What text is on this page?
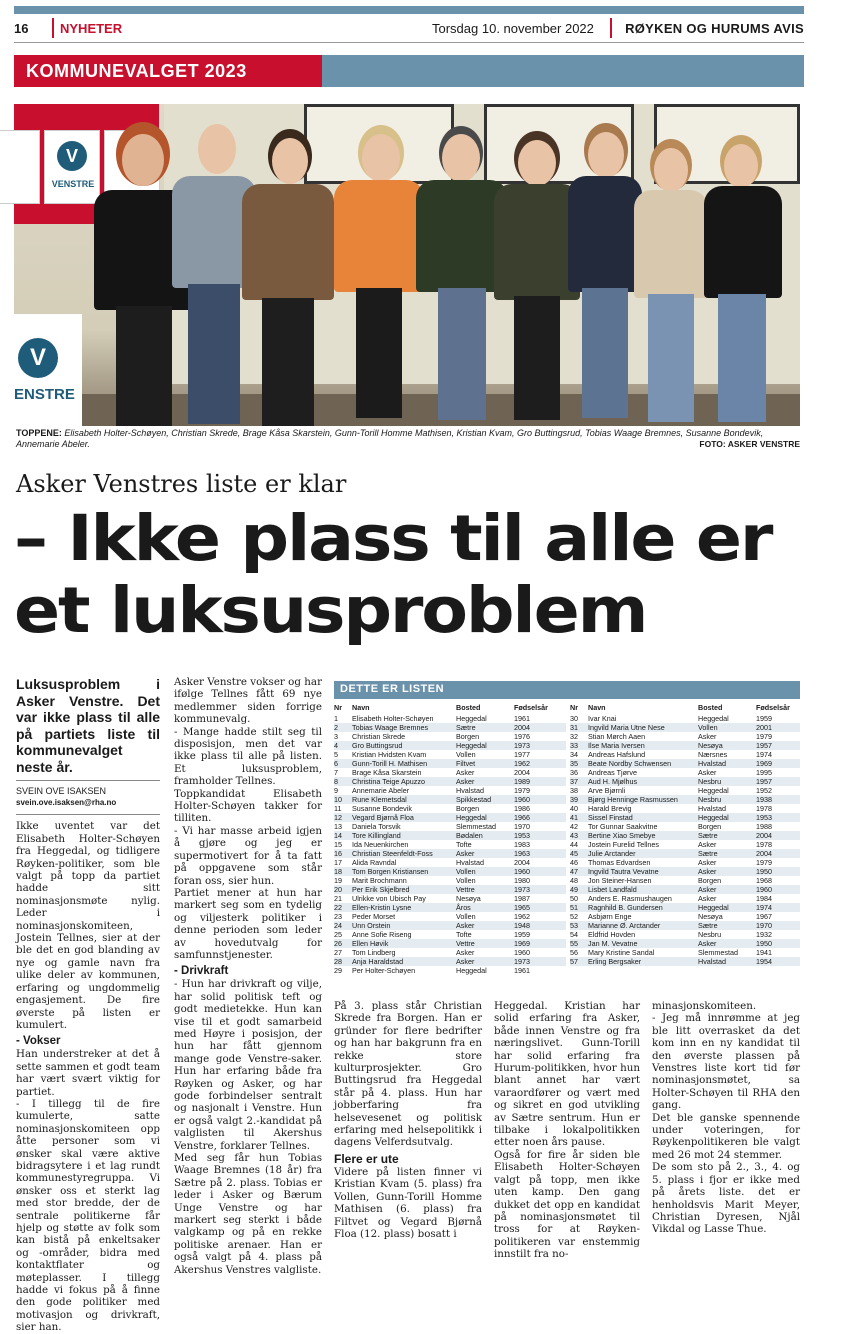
16 NYHETER	Torsdag 10. november 2022 RØYKEN OG HURUMS AVIS
KOMMUNEVALGET 2023
V
VENSTRE
V
ENSTRE
TOPPENE: Elisabeth Holter-Schøyen, Christian Skrede, Brage Kåsa Skarstein, Gunn-Torill Homme Mathisen, Kristian Kvam, Gro Buttingsrud, Tobias Waage Bremnes, Susanne Bondevik, Annemarie Abeler.	FOTO: ASKER VENSTRE
Asker Venstres liste er klar
– Ikke plass til alle er
et luksusproblem
Luksusproblem i Asker Venstre. Det var ikke plass til alle på partiets liste til kommunevalget neste år.
SVEIN OVE ISAKSEN
svein.ove.isaksen@rha.no

Ikke uventet var det Elisabeth Holter-Schøyen fra Heggedal, og tidligere Røyken-politiker, som ble valgt på topp da partiet hadde sitt nominasjonsmøte nylig. Leder i nominasjonskomiteen, Jostein Tellnes, sier at der ble det en god blanding av nye og gamle navn fra ulike deler av kommunen, erfaring og ungdommelig engasjement. De fire øverste på listen er kumulert.

- Vokser

Han understreker at det å sette sammen et godt team har vært svært viktig for partiet.

- I tillegg til de fire kumulerte, satte nominasjonskomiteen opp åtte personer som vi ønsker skal være aktive bidragsytere i et lag rundt kommunestyregruppa. Vi ønsker oss et sterkt lag med stor bredde, der de sentrale politikerne får hjelp og støtte av folk som kan bistå på enkeltsaker og -områder, bidra med kontaktflater og møteplasser. I tillegg hadde vi fokus på å finne den gode politiker med motivasjon og drivkraft, sier han.

Asker Venstre vokser og har ifølge Tellnes fått 69 nye medlemmer siden forrige kommunevalg.

- Mange hadde stilt seg til disposisjon, men det var ikke plass til alle på listen. Et luksusproblem, framholder Tellnes.

Toppkandidat Elisabeth Holter-Schøyen takker for tilliten.

- Vi har masse arbeid igjen å gjøre og jeg er supermotivert for å ta fatt på oppgavene som står foran oss, sier hun.

Partiet mener at hun har markert seg som en tydelig og viljesterk politiker i denne perioden som leder av hovedutvalg for samfunnstjenester.

- Drivkraft

- Hun har drivkraft og vilje, har solid politisk teft og godt medietekke. Hun kan vise til et godt samarbeid med Høyre i posisjon, der hun har fått gjennom mange gode Venstre-saker. Hun har erfaring både fra Røyken og Asker, og har gode forbindelser sentralt og nasjonalt i Venstre. Hun er også valgt 2.-kandidat på valglisten til Akershus Venstre, forklarer Tellnes.

Med seg får hun Tobias Waage Bremnes (18 år) fra Sætre på 2. plass. Tobias er leder i Asker og Bærum Unge Venstre og har markert seg sterkt i både valgkamp og på en rekke politiske arenaer. Han er også valgt på 4. plass på Akershus Venstres valgliste.

DETTE ER LISTEN
Nr	Navn	Bosted	Fødselsår
1	Elisabeth Holter-Schøyen	Heggedal	1961
2	Tobias Waage Bremnes	Sætre	2004
3	Christian Skrede	Borgen	1976
4	Gro Buttingsrud	Heggedal	1973
5	Kristian Hvidsten Kvam	Vollen	1977
6	Gunn-Torill H. Mathisen	Filtvet	1962
7	Brage Kåsa Skarstein	Asker	2004
8	Christina Teige Apuzzo	Asker	1989
9	Annemarie Abeler	Hvalstad	1979
10	Rune Klemetsdal	Spikkestad	1960
11	Susanne Bondevik	Borgen	1986
12	Vegard Bjørnå Floa	Heggedal	1966
13	Daniela Torsvik	Slemmestad	1970
14	Tore Killingland	Bødalen	1953
15	Ida Neuenkirchen	Tofte	1983
16	Christian Steenfeldt-Foss	Asker	1963
17	Alida Ravndal	Hvalstad	2004
18	Tom Borgen Kristiansen	Vollen	1960
19	Marit Brochmann	Vollen	1980
20	Per Erik Skjelbred	Vettre	1973
21	Ulrikke von Ubisch Pay	Nesøya	1987
22	Ellen-Kristin Lysne	Åros	1965
23	Peder Morset	Vollen	1962
24	Unn Orstein	Asker	1948
25	Anne Sofie Riseng	Tofte	1959
26	Ellen Høvik	Vettre	1969
27	Tom Lindberg	Asker	1960
28	Anja Haraldstad	Asker	1973
29	Per Holter-Schøyen	Heggedal	1961
Nr	Navn	Bosted	Fødselsår
30	Ivar Knai	Heggedal	1959
31	Ingvild Maria Utne Nese	Vollen	2001
32	Stian Mørch Aaen	Asker	1979
33	Ilse Maria Iversen	Nesøya	1957
34	Andreas Hafslund	Nærsnes	1974
35	Beate Nordby Schwensen	Hvalstad	1969
36	Andreas Tjørve	Asker	1995
37	Aud H. Mjølhus	Nesbru	1957
38	Arve Bjørnli	Heggedal	1952
39	Bjørg Henninge Rasmussen	Nesbru	1938
40	Harald Brevig	Hvalstad	1978
41	Sissel Finstad	Heggedal	1953
42	Tor Gunnar Saakvitne	Borgen	1988
43	Bertine Xiao Smebye	Sætre	2004
44	Jostein Furelid Tellnes	Asker	1978
45	Julie Arctander	Sætre	2004
46	Thomas Edvardsen	Asker	1979
47	Ingvild Tautra Vevatne	Asker	1950
48	Jon Steiner-Hansen	Borgen	1968
49	Lisbet Landfald	Asker	1960
50	Anders E. Rasmushaugen	Asker	1984
51	Ragnhild B. Gundersen	Heggedal	1974
52	Asbjørn Enge	Nesøya	1967
53	Marianne Ø. Arctander	Sætre	1970
54	Eldfrid Hovden	Nesbru	1932
55	Jan M. Vevatne	Asker	1950
56	Mary Kristine Sandal	Slemmestad	1941
57	Erling Bergsaker	Hvalstad	1954

På 3. plass står Christian Skrede fra Borgen. Han er gründer for flere bedrifter og han har bakgrunn fra en rekke store kulturprosjekter. Gro Buttingsrud fra Heggedal står på 4. plass. Hun har jobberfaring fra helsevesenet og politisk erfaring med helsepolitikk i dagens Velferdsutvalg.

Flere er ute

Videre på listen finner vi Kristian Kvam (5. plass) fra Vollen, Gunn-Torill Homme Mathisen (6. plass) fra Filtvet og Vegard Bjørnå Floa (12. plass) bosatt i

Heggedal. Kristian har solid erfaring fra Asker, både innen Venstre og fra næringslivet. Gunn-Torill har solid erfaring fra Hurum-politikken, hvor hun blant annet har vært varaordfører og vært med og sikret en god utvikling av Sætre sentrum. Hun er tilbake i lokalpolitikken etter noen års pause.

Også for fire år siden ble Elisabeth Holter-Schøyen valgt på topp, men ikke uten kamp. Den gang dukket det opp en kandidat på nominasjonsmøtet til tross for at Røyken-politikeren var enstemmig innstilt fra no-

minasjonskomiteen.

- Jeg må innrømme at jeg ble litt overrasket da det kom inn en ny kandidat til den øverste plassen på Venstres liste kort tid før nominasjonsmøtet, sa Holter-Schøyen til RHA den gang.

Det ble ganske spennende under voteringen, for Røykenpolitikeren ble valgt med 26 mot 24 stemmer.

De som sto på 2., 3., 4. og 5. plass i fjor er ikke med på årets liste. det er henholdsvis Marit Meyer, Christian Dyresen, Njål Vikdal og Lasse Thue.
